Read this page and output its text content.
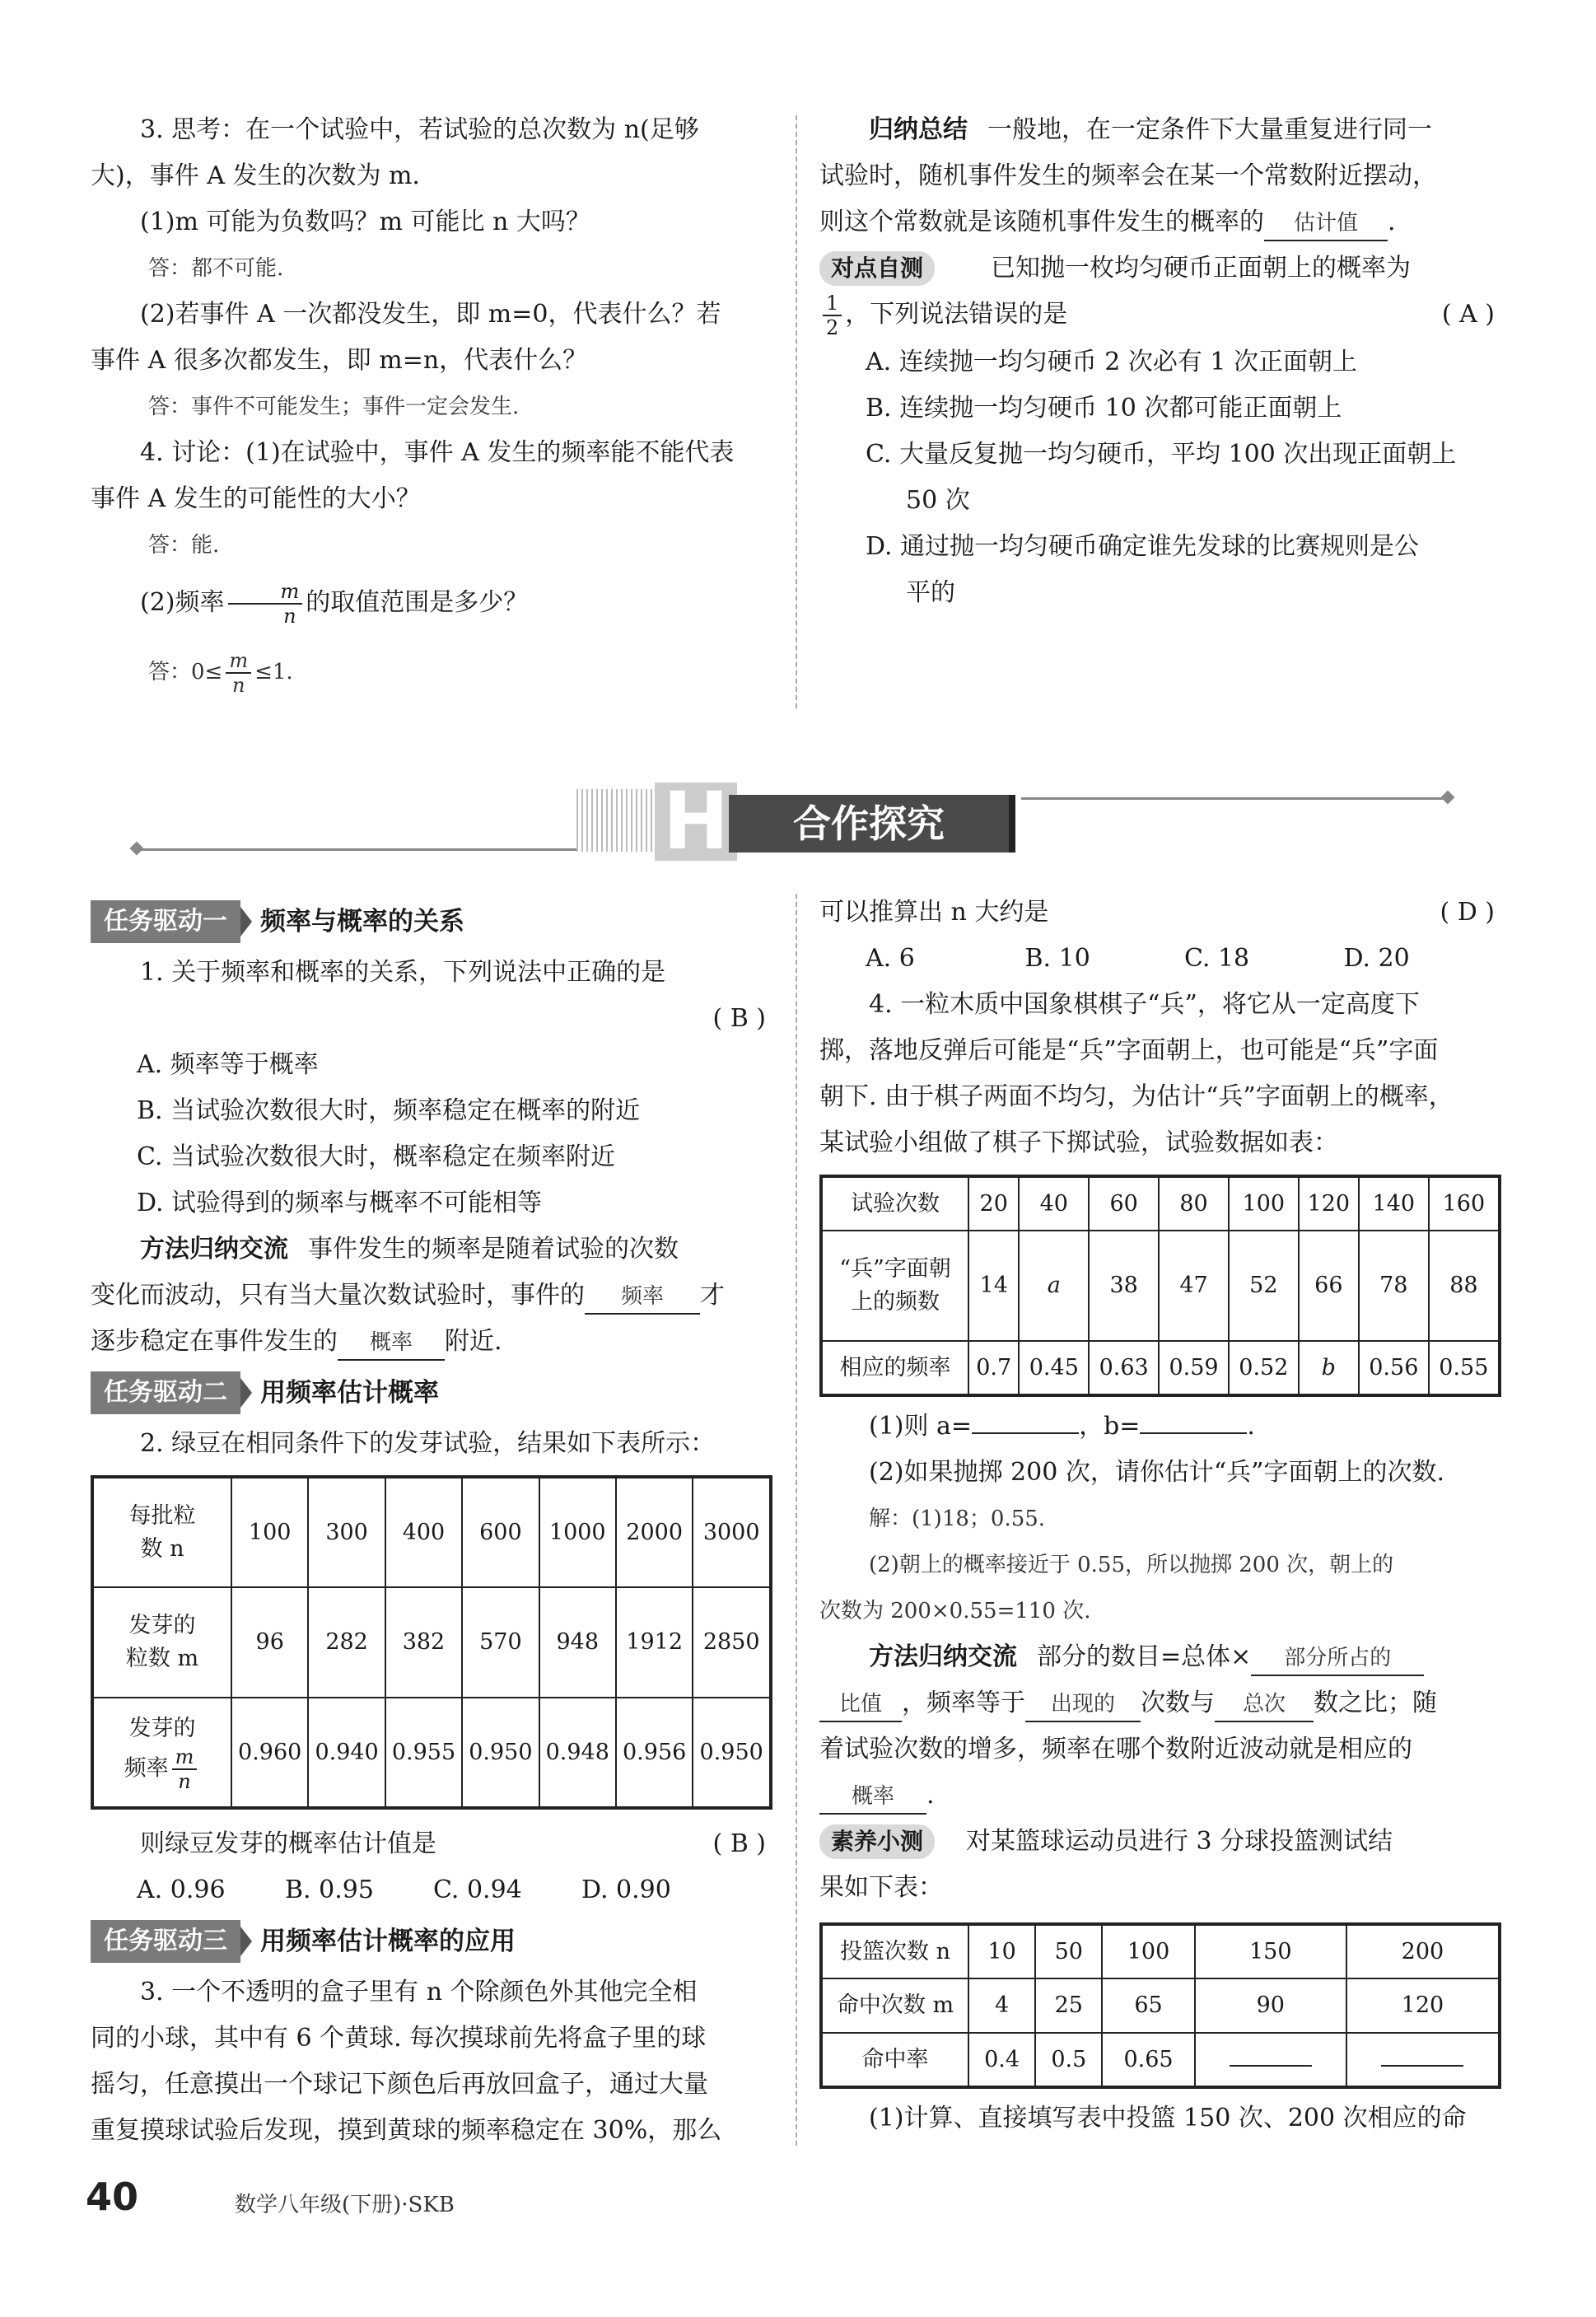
3. 思考：在一个试验中，若试验的总次数为 n(足够

大)，事件 A 发生的次数为 m.

(1)m 可能为负数吗？m 可能比 n 大吗？

答：都不可能.

(2)若事件 A 一次都没发生，即 m=0，代表什么？若

事件 A 很多次都发生，即 m=n，代表什么？

答：事件不可能发生；事件一定会发生.

4. 讨论：(1)在试验中，事件 A 发生的频率能不能代表

事件 A 发生的可能性的大小？

答：能.

(2)频率 $\frac{m}{n}$ 的取值范围是多少？

答：$0\le \frac{m}{n} \le 1$.

归纳总结 一般地，在一定条件下大量重复进行同一

试验时，随机事件发生的频率会在某一个常数附近摆动，

则这个常数就是该随机事件发生的概率的 估计值 .

对点自测	已知抛一枚均匀硬币正面朝上的概率为

$\frac{1}{2}$ ，下列说法错误的是	( A )

A. 连续抛一均匀硬币 2 次必有 1 次正面朝上

B. 连续抛一均匀硬币 10 次都可能正面朝上

C. 大量反复抛一均匀硬币，平均 100 次出现正面朝上

50 次

D. 通过抛一均匀硬币确定谁先发球的比赛规则是公

平的

H	合作探究
任务驱动一	频率与概率的关系

1. 关于频率和概率的关系，下列说法中正确的是

( B )

A. 频率等于概率

B. 当试验次数很大时，频率稳定在概率的附近

C. 当试验次数很大时，概率稳定在频率附近

D. 试验得到的频率与概率不可能相等

方法归纳交流 事件发生的频率是随着试验的次数

变化而波动，只有当大量次数试验时，事件的 频率 才

逐步稳定在事件发生的 概率 附近.

任务驱动二	用频率估计概率

2. 绿豆在相同条件下的发芽试验，结果如下表所示：

每批粒
数 n	100	300	400	600	1000	2000	3000
发芽的
粒数 m	96	282	382	570	948	1912	2850
发芽的
频率 $\frac{m}{n}$	0.960	0.940	0.955	0.950	0.948	0.956	0.950

则绿豆发芽的概率估计值是	( B )

A. 0.96	B. 0.95	C. 0.94	D. 0.90

任务驱动三	用频率估计概率的应用

3. 一个不透明的盒子里有 n 个除颜色外其他完全相

同的小球，其中有 6 个黄球. 每次摸球前先将盒子里的球

摇匀，任意摸出一个球记下颜色后再放回盒子，通过大量

重复摸球试验后发现，摸到黄球的频率稳定在 30%，那么

可以推算出 n 大约是	( D )

A. 6	B. 10	C. 18	D. 20

4. 一粒木质中国象棋棋子“兵”，将它从一定高度下

掷，落地反弹后可能是“兵”字面朝上，也可能是“兵”字面

朝下. 由于棋子两面不均匀，为估计“兵”字面朝上的概率，

某试验小组做了棋子下掷试验，试验数据如表：

试验次数	20	40	60	80	100	120	140	160
“兵”字面朝
上的频数	14	a	38	47	52	66	78	88
相应的频率	0.7	0.45	0.63	0.59	0.52	b	0.56	0.55

(1)则 a=	，b=	.

(2)如果抛掷 200 次，请你估计“兵”字面朝上的次数.

解：(1)18；0.55.

(2)朝上的概率接近于 0.55，所以抛掷 200 次，朝上的

次数为 200×0.55=110 次.

方法归纳交流 部分的数目=总体× 部分所占的

比值 ，频率等于 出现的 次数与 总次 数之比；随

着试验次数的增多，频率在哪个数附近波动就是相应的

概率 .

素养小测 对某篮球运动员进行 3 分球投篮测试结

果如下表：

投篮次数 n	10	50	100	150	200
命中次数 m	4	25	65	90	120
命中率	0.4	0.5	0.65		

(1)计算、直接填写表中投篮 150 次、200 次相应的命

40	数学八年级(下册)·SKB
